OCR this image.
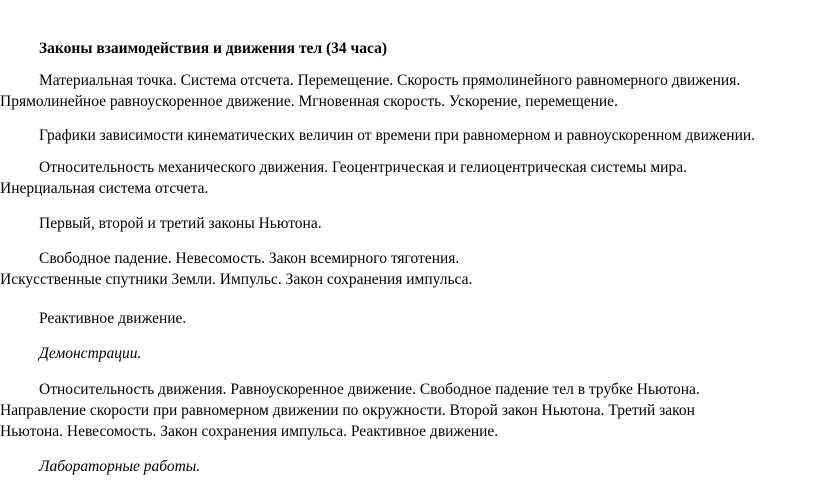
Законы взаимодействия и движения тел (34 часа)

Материальная точка. Система отсчета. Перемещение. Скорость прямолинейного равномерного движения.
Прямолинейное равноускоренное движение. Мгновенная скорость. Ускорение, перемещение.

Графики зависимости кинематических величин от времени при равномерном и равноускоренном движении.

Относительность механического движения. Геоцентрическая и гелиоцентрическая системы мира.
Инерциальная система отсчета.

Первый, второй и третий законы Ньютона.

Свободное падение. Невесомость. Закон всемирного тяготения.
Искусственные спутники Земли. Импульс. Закон сохранения импульса.

Реактивное движение.

Демонстрации.

Относительность движения. Равноускоренное движение. Свободное падение тел в трубке Ньютона.
Направление скорости при равномерном движении по окружности. Второй закон Ньютона. Третий закон
Ньютона. Невесомость. Закон сохранения импульса. Реактивное движение.

Лабораторные работы.
